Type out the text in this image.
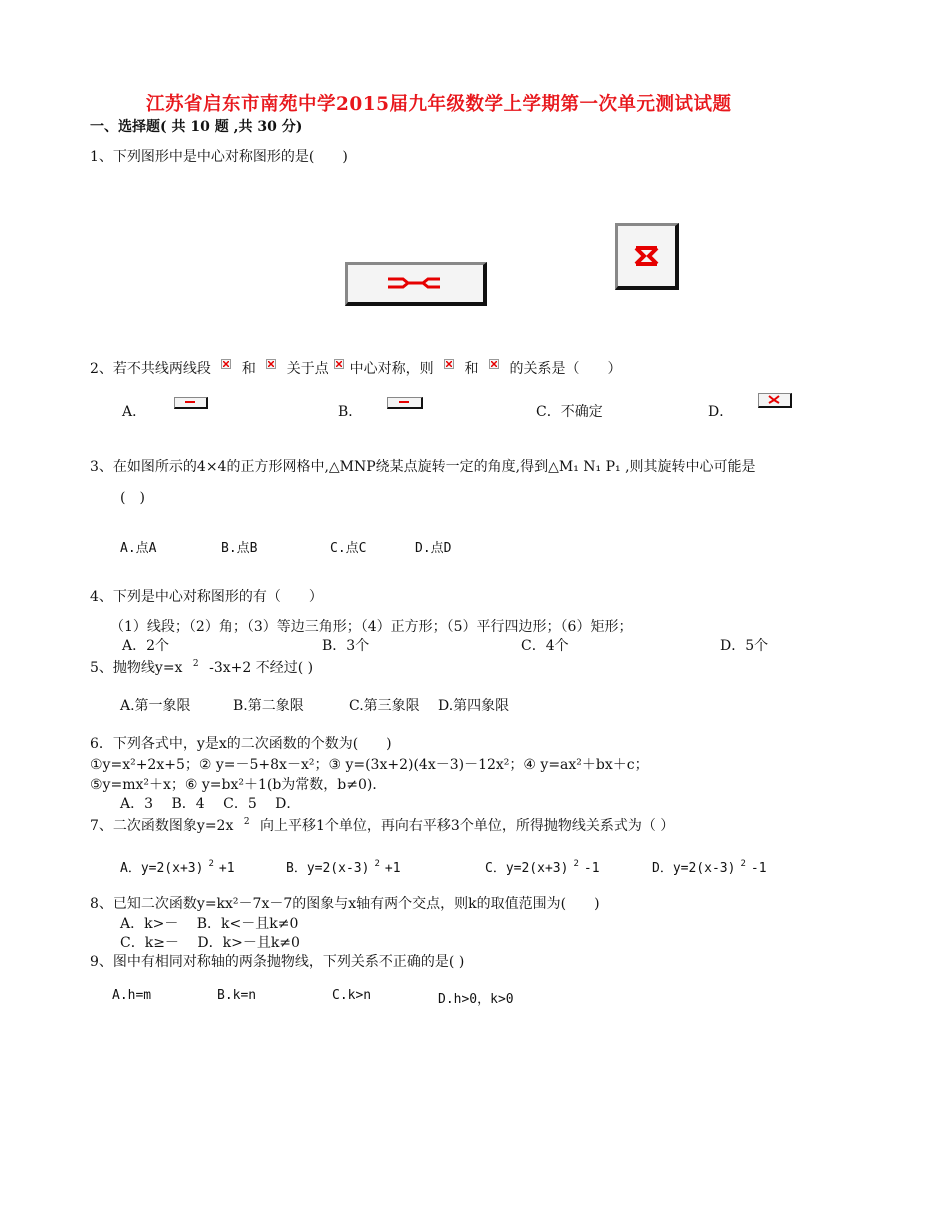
江苏省启东市南苑中学2015届九年级数学上学期第一次单元测试试题
一、选择题( 共 10 题 ,共 30 分)
1、下列图形中是中心对称图形的是(　　)
2、若不共线两线段 和 关于点 中心对称，则 和 的关系是（　　）
A．	B．	C．不确定	D．
3、在如图所示的4×4的正方形网格中,△MNP绕某点旋转一定的角度,得到△M₁ N₁ P₁ ,则其旋转中心可能是
(　)
A.点A	B.点B	C.点C	D.点D
4、下列是中心对称图形的有（　　）
（1）线段；（2）角；（3）等边三角形；（4）正方形；（5）平行四边形；（6）矩形；
A．2个	B．3个	C．4个	D．5个
5、抛物线y=x $^2$ -3x+2 不经过( )
A.第一象限	B.第二象限	C.第三象限 D.第四象限
6．下列各式中，y是x的二次函数的个数为(　　)
①y=x²+2x+5；② y=－5+8x－x²；③ y=(3x+2)(4x－3)－12x²；④ y=ax²＋bx＋c；
⑤y=mx²＋x；⑥ y=bx²＋1(b为常数，b≠0)．
A．3　 B．4　 C．5　 D．
7、二次函数图象y=2x $^2$ 向上平移1个单位，再向右平移3个单位，所得抛物线关系式为（ ）
A．y=2(x+3) $^2$ +1	B．y=2(x-3) $^2$ +1	C．y=2(x+3) $^2$ -1	D．y=2(x-3) $^2$ -1
8、已知二次函数y=kx²－7x－7的图象与x轴有两个交点，则k的取值范围为(　　)
A．k>－　 B．k<－且k≠0
C．k≥－　 D．k>－且k≠0
9、图中有相同对称轴的两条抛物线，下列关系不正确的是( )
A.h=m	B.k=n	C.k>n	D.h>0，k>0
